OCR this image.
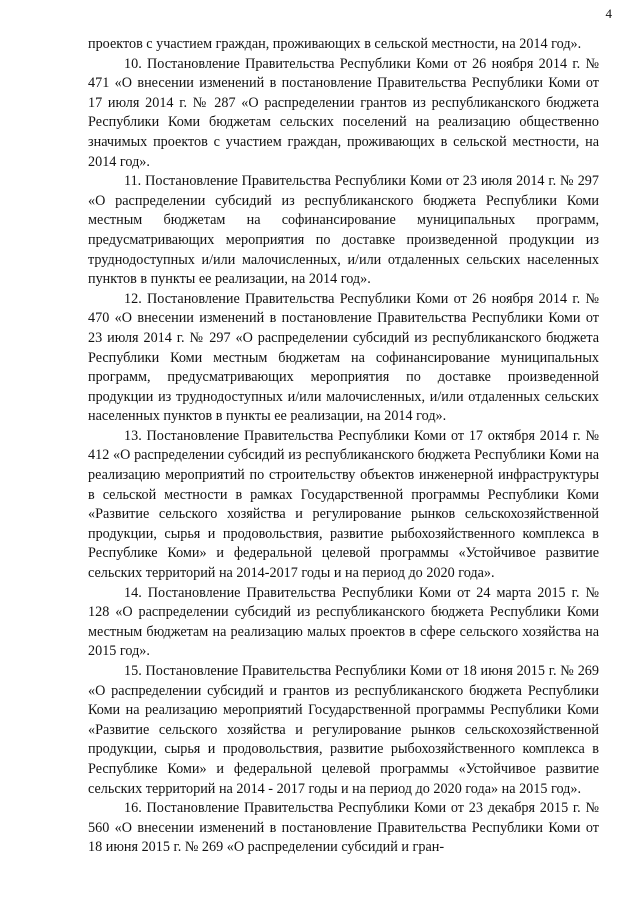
4

проектов с участием граждан, проживающих в сельской местности, на 2014 год».

10. Постановление Правительства Республики Коми от 26 ноября 2014 г. № 471 «О внесении изменений в постановление Правительства Республики Коми от 17 июля 2014 г. № 287 «О распределении грантов из республиканского бюджета Республики Коми бюджетам сельских поселений на реализацию общественно значимых проектов с участием граждан, проживающих в сельской местности, на 2014 год».

11. Постановление Правительства Республики Коми от 23 июля 2014 г. № 297 «О распределении субсидий из республиканского бюджета Республики Коми местным бюджетам на софинансирование муниципальных программ, предусматривающих мероприятия по доставке произведенной продукции из труднодоступных и/или малочисленных, и/или отдаленных сельских населенных пунктов в пункты ее реализации, на 2014 год».

12. Постановление Правительства Республики Коми от 26 ноября 2014 г. № 470 «О внесении изменений в постановление Правительства Республики Коми от 23 июля 2014 г. № 297 «О распределении субсидий из республиканского бюджета Республики Коми местным бюджетам на софинансирование муниципальных программ, предусматривающих мероприятия по доставке произведенной продукции из труднодоступных и/или малочисленных, и/или отдаленных сельских населенных пунктов в пункты ее реализации, на 2014 год».

13. Постановление Правительства Республики Коми от 17 октября 2014 г. № 412 «О распределении субсидий из республиканского бюджета Республики Коми на реализацию мероприятий по строительству объектов инженерной инфраструктуры в сельской местности в рамках Государственной программы Республики Коми «Развитие сельского хозяйства и регулирование рынков сельскохозяйственной продукции, сырья и продовольствия, развитие рыбохозяйственного комплекса в Республике Коми» и федеральной целевой программы «Устойчивое развитие сельских территорий на 2014-2017 годы и на период до 2020 года».

14. Постановление Правительства Республики Коми от 24 марта 2015 г. № 128 «О распределении субсидий из республиканского бюджета Республики Коми местным бюджетам на реализацию малых проектов в сфере сельского хозяйства на 2015 год».

15. Постановление Правительства Республики Коми от 18 июня 2015 г. № 269 «О распределении субсидий и грантов из республиканского бюджета Республики Коми на реализацию мероприятий Государственной программы Республики Коми «Развитие сельского хозяйства и регулирование рынков сельскохозяйственной продукции, сырья и продовольствия, развитие рыбохозяйственного комплекса в Республике Коми» и федеральной целевой программы «Устойчивое развитие сельских территорий на 2014 - 2017 годы и на период до 2020 года» на 2015 год».

16. Постановление Правительства Республики Коми от 23 декабря 2015 г. № 560 «О внесении изменений в постановление Правительства Республики Коми от 18 июня 2015 г. № 269 «О распределении субсидий и гран-
